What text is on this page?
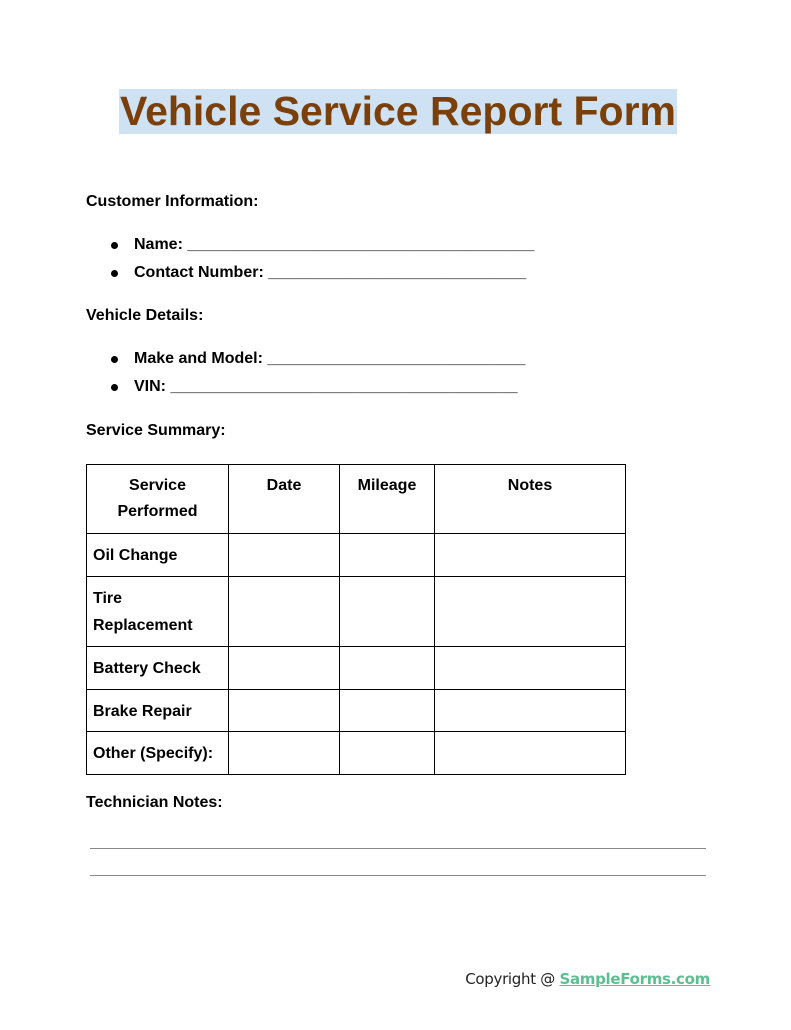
Vehicle Service Report Form
Customer Information:
Name: _______________________________________
Contact Number: _____________________________
Vehicle Details:
Make and Model: _____________________________
VIN: _______________________________________
Service Summary:
Service Performed	Date	Mileage	Notes
Oil Change			
Tire Replacement			
Battery Check			
Brake Repair			
Other (Specify):			
Technician Notes:
Copyright @ SampleForms.com
